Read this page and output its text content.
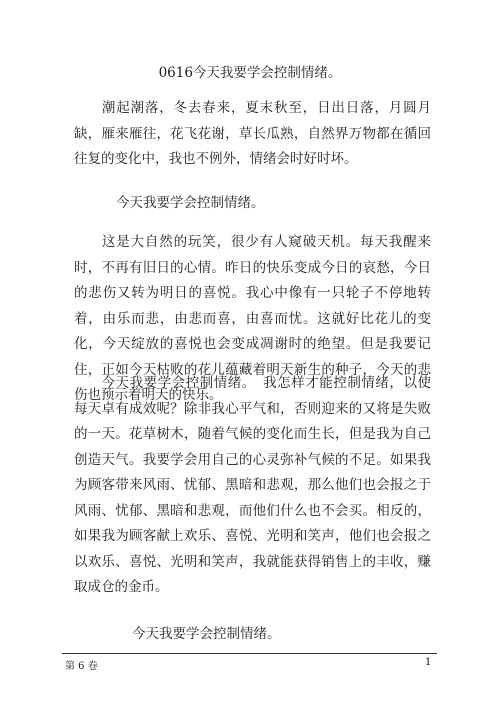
0616今天我要学会控制情绪。
潮起潮落，冬去春来，夏末秋至，日出日落，月圆月缺，雁来雁往，花飞花谢，草长瓜熟，自然界万物都在循回往复的变化中，我也不例外，情绪会时好时坏。
今天我要学会控制情绪。
这是大自然的玩笑，很少有人窥破天机。每天我醒来时，不再有旧日的心情。昨日的快乐变成今日的哀愁，今日的悲伤又转为明日的喜悦。我心中像有一只轮子不停地转着，由乐而悲，由悲而喜，由喜而忧。这就好比花儿的变化，今天绽放的喜悦也会变成凋谢时的绝望。但是我要记住，正如今天枯败的花儿蕴藏着明天新生的种子，今天的悲伤也预示着明天的快乐。
今天我要学会控制情绪。　我怎样才能控制情绪，以使每天卓有成效呢？除非我心平气和，否则迎来的又将是失败的一天。花草树木，随着气候的变化而生长，但是我为自己创造天气。我要学会用自己的心灵弥补气候的不足。如果我为顾客带来风雨、忧郁、黑暗和悲观，那么他们也会报之于风雨、忧郁、黑暗和悲观，而他们什么也不会买。相反的，如果我为顾客献上欢乐、喜悦、光明和笑声，他们也会报之以欢乐、喜悦、光明和笑声，我就能获得销售上的丰收，赚取成仓的金币。
今天我要学会控制情绪。
第 6 卷	1
